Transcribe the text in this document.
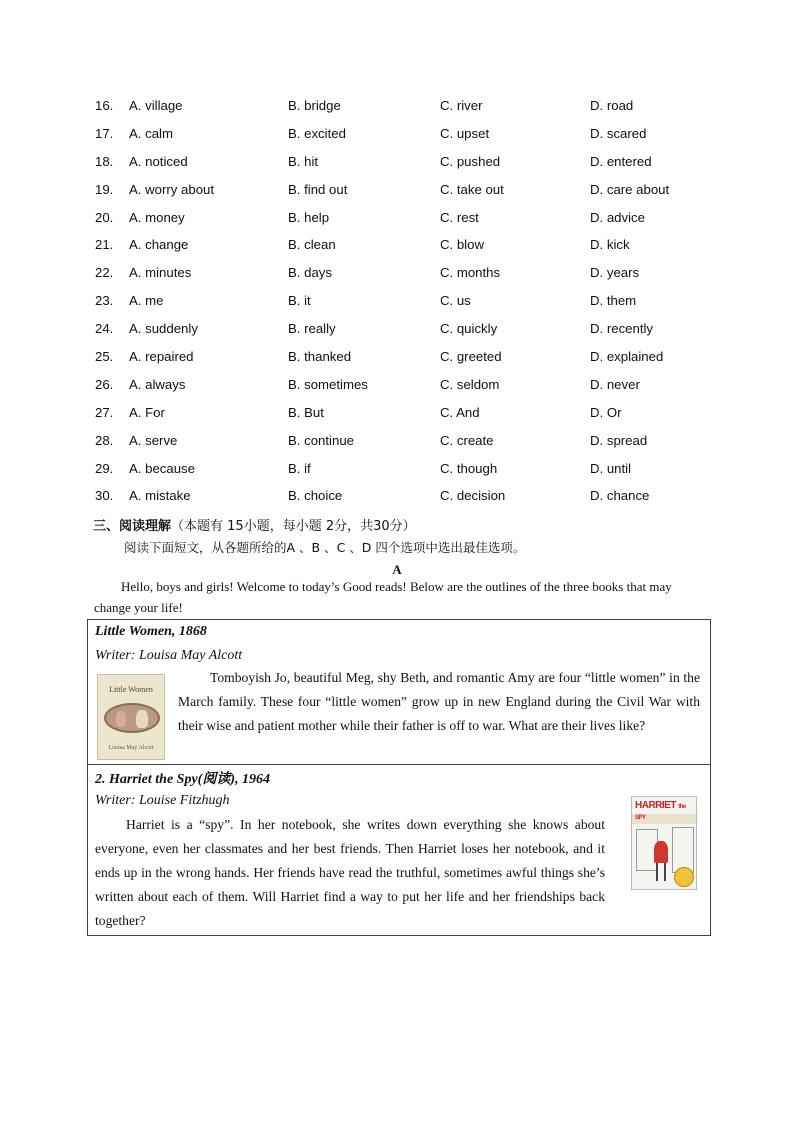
16. A. village	B. bridge	C. river	D. road
17. A. calm	B. excited	C. upset	D. scared
18. A. noticed	B. hit	C. pushed	D. entered
19. A. worry about	B. find out	C. take out	D. care about
20. A. money	B. help	C. rest	D. advice
21. A. change	B. clean	C. blow	D. kick
22. A. minutes	B. days	C. months	D. years
23. A. me	B. it	C. us	D. them
24. A. suddenly	B. really	C. quickly	D. recently
25. A. repaired	B. thanked	C. greeted	D. explained
26. A. always	B. sometimes	C. seldom	D. never
27. A. For	B. But	C. And	D. Or
28. A. serve	B. continue	C. create	D. spread
29. A. because	B. if	C. though	D. until
30. A. mistake	B. choice	C. decision	D. chance
三、阅读理解（本题有 15小题，每小题 2分，共30分）
阅读下面短文，从各题所给的A 、B 、C 、D 四个选项中选出最佳选项。
A
Hello, boys and girls! Welcome to today’s Good reads! Below are the outlines of the three books that may change your life!
Little Women, 1868
Writer: Louisa May Alcott
Little Women
Louisa May Alcott
Tomboyish Jo, beautiful Meg, shy Beth, and romantic Amy are four “little women” in the March family. These four “little women” grow up in new England during the Civil War with their wise and patient mother while their father is off to war. What are their lives like?
2. Harriet the Spy(阅读), 1964
Writer: Louise Fitzhugh
Harriet is a “spy”. In her notebook, she writes down everything she knows about everyone, even her classmates and her best friends. Then Harriet loses her notebook, and it ends up in the wrong hands. Her friends have read the truthful, sometimes awful things she’s written about each of them. Will Harriet find a way to put her life and her friendships back together?
HARRIET the SPY
